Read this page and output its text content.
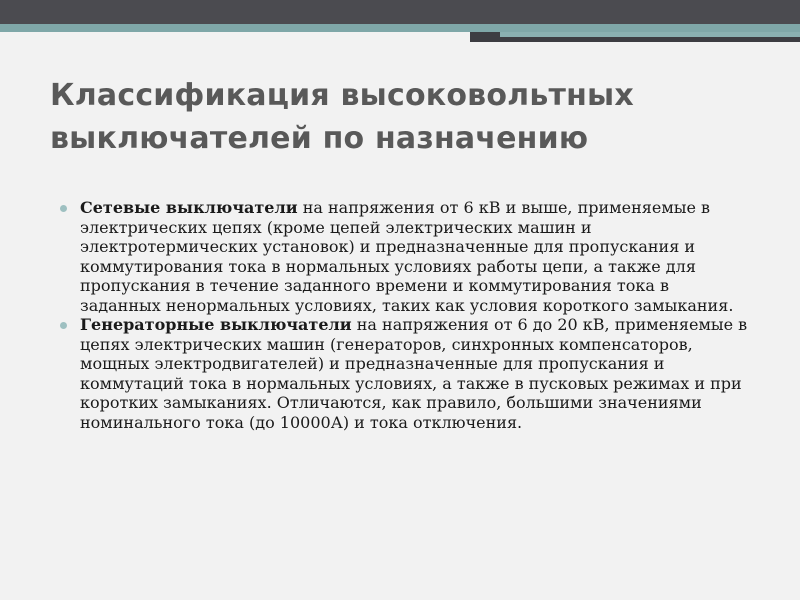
Классификация высоковольтных
выключателей по назначению
Сетевые выключатели на напряжения от 6 кВ и выше, применяемые в электрических цепях (кроме цепей электрических машин и электротермических установок) и предназначенные для пропускания и коммутирования тока в нормальных условиях работы цепи, а также для пропускания в течение заданного времени и коммутирования тока в заданных ненормальных условиях, таких как условия короткого замыкания.
Генераторные выключатели на напряжения от 6 до 20 кВ, применяемые в цепях электрических машин (генераторов, синхронных компенсаторов, мощных электродвигателей) и предназначенные для пропускания и коммутаций тока в нормальных условиях, а также в пусковых режимах и при коротких замыканиях. Отличаются, как правило, большими значениями номинального тока (до 10000А) и тока отключения.
